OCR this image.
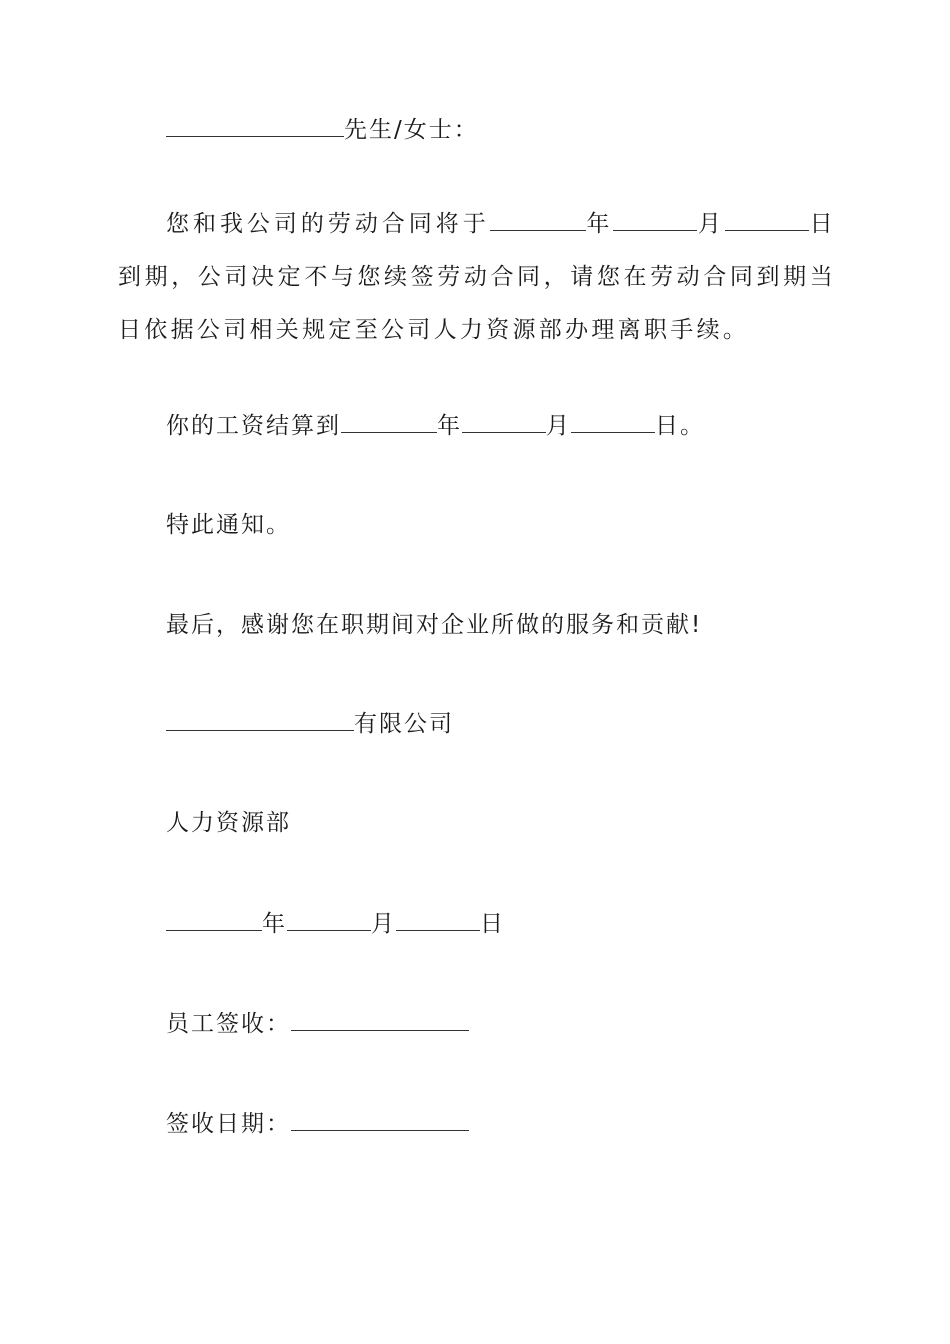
先生/女士：
您和我公司的劳动合同将于	年	月	日到期，公司决定不与您续签劳动合同，请您在劳动合同到期当日依据公司相关规定至公司人力资源部办理离职手续。
你的工资结算到	年	月	日。
特此通知。
最后，感谢您在职期间对企业所做的服务和贡献!
有限公司
人力资源部
年	月	日
员工签收：
签收日期：
